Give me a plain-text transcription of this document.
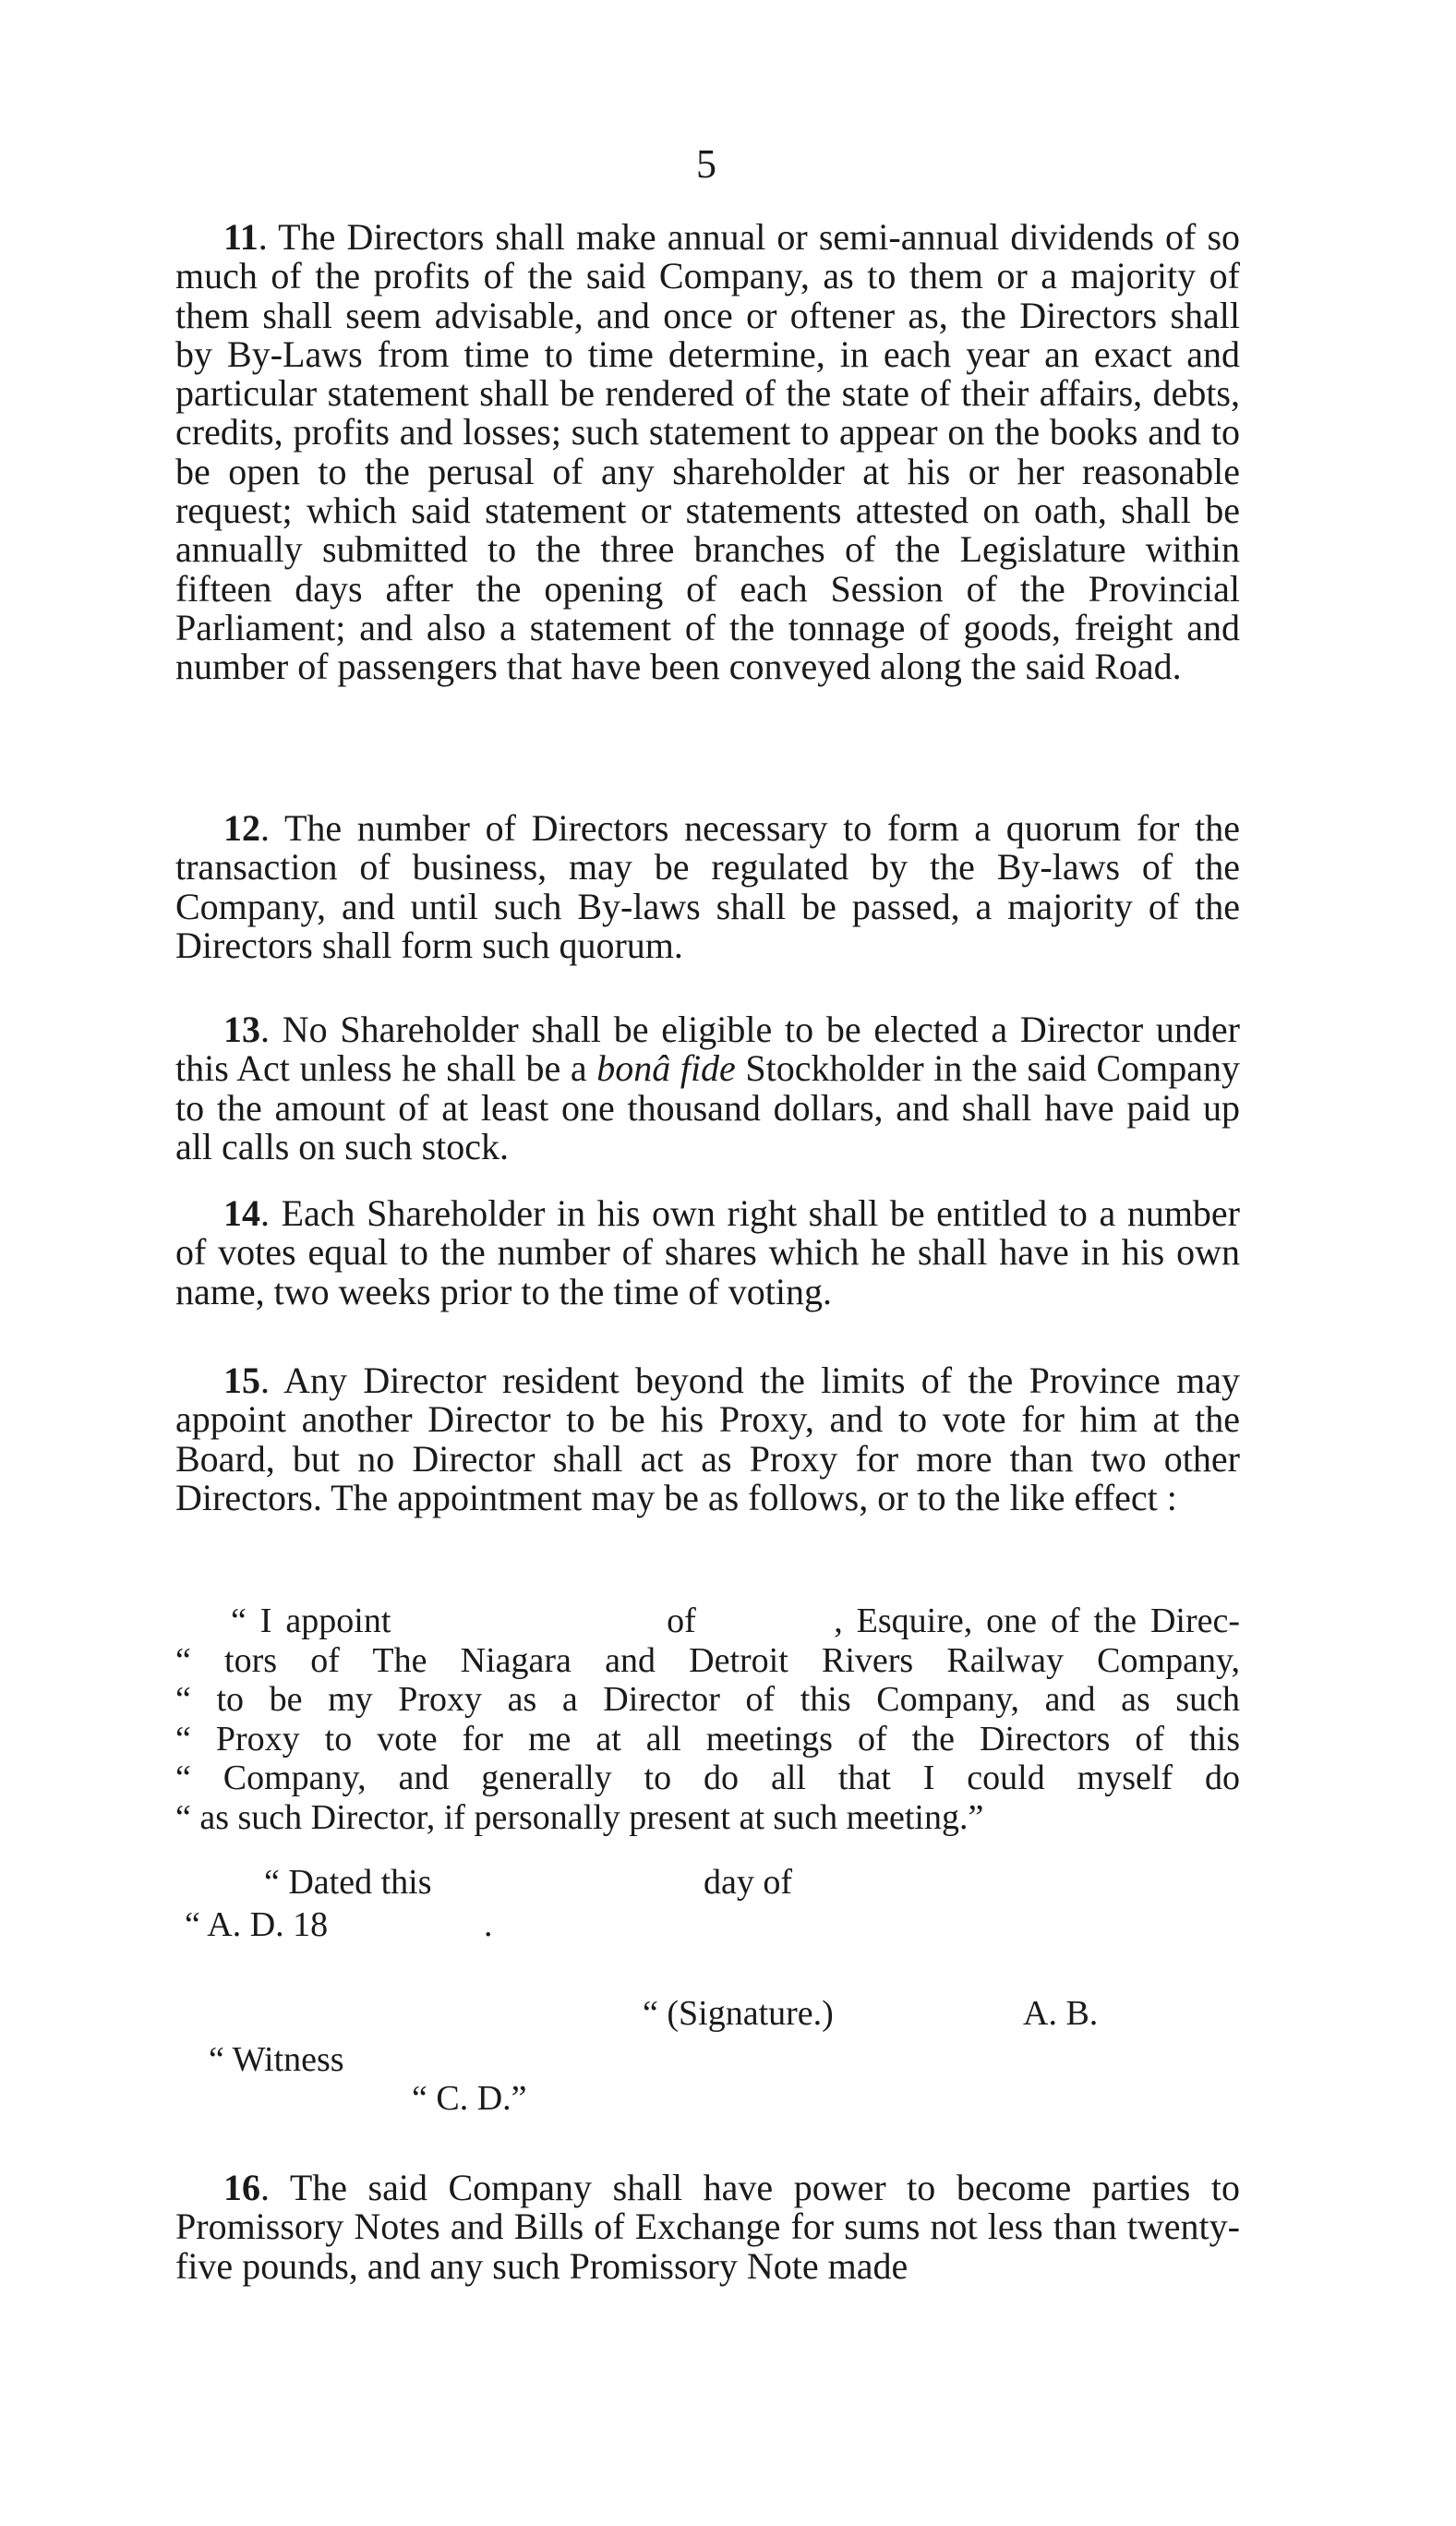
5

11. The Directors shall make annual or semi-annual dividends of so much of the profits of the said Company, as to them or a majority of them shall seem advisable, and once or oftener as, the Directors shall by By-Laws from time to time determine, in each year an exact and particular statement shall be rendered of the state of their affairs, debts, credits, profits and losses; such statement to appear on the books and to be open to the perusal of any shareholder at his or her reasonable request; which said statement or statements attested on oath, shall be annually submitted to the three branches of the Legislature within fifteen days after the opening of each Session of the Provincial Parliament; and also a statement of the tonnage of goods, freight and number of passengers that have been conveyed along the said Road.

12. The number of Directors necessary to form a quorum for the transaction of business, may be regulated by the By-laws of the Company, and until such By-laws shall be passed, a majority of the Directors shall form such quorum.

13. No Shareholder shall be eligible to be elected a Director under this Act unless he shall be a bonâ fide Stockholder in the said Company to the amount of at least one thousand dollars, and shall have paid up all calls on such stock.

14. Each Shareholder in his own right shall be entitled to a number of votes equal to the number of shares which he shall have in his own name, two weeks prior to the time of voting.

15. Any Director resident beyond the limits of the Province may appoint another Director to be his Proxy, and to vote for him at the Board, but no Director shall act as Proxy for more than two other Directors. The appointment may be as follows, or to the like effect :

“ I appoint                    of          , Esquire, one of the Direc-
“ tors of The Niagara and Detroit Rivers Railway Company,
“ to be my Proxy as a Director of this Company, and as such
“ Proxy to vote for me at all meetings of the Directors of this
“ Company, and generally to do all that I could myself do
“ as such Director, if personally present at such meeting.”
“ Dated this	day of
“ A. D. 18	.
“ (Signature.)	A. B.
“ Witness
“ C. D.”

16. The said Company shall have power to become parties to Promissory Notes and Bills of Exchange for sums not less than twenty-five pounds, and any such Promissory Note made
